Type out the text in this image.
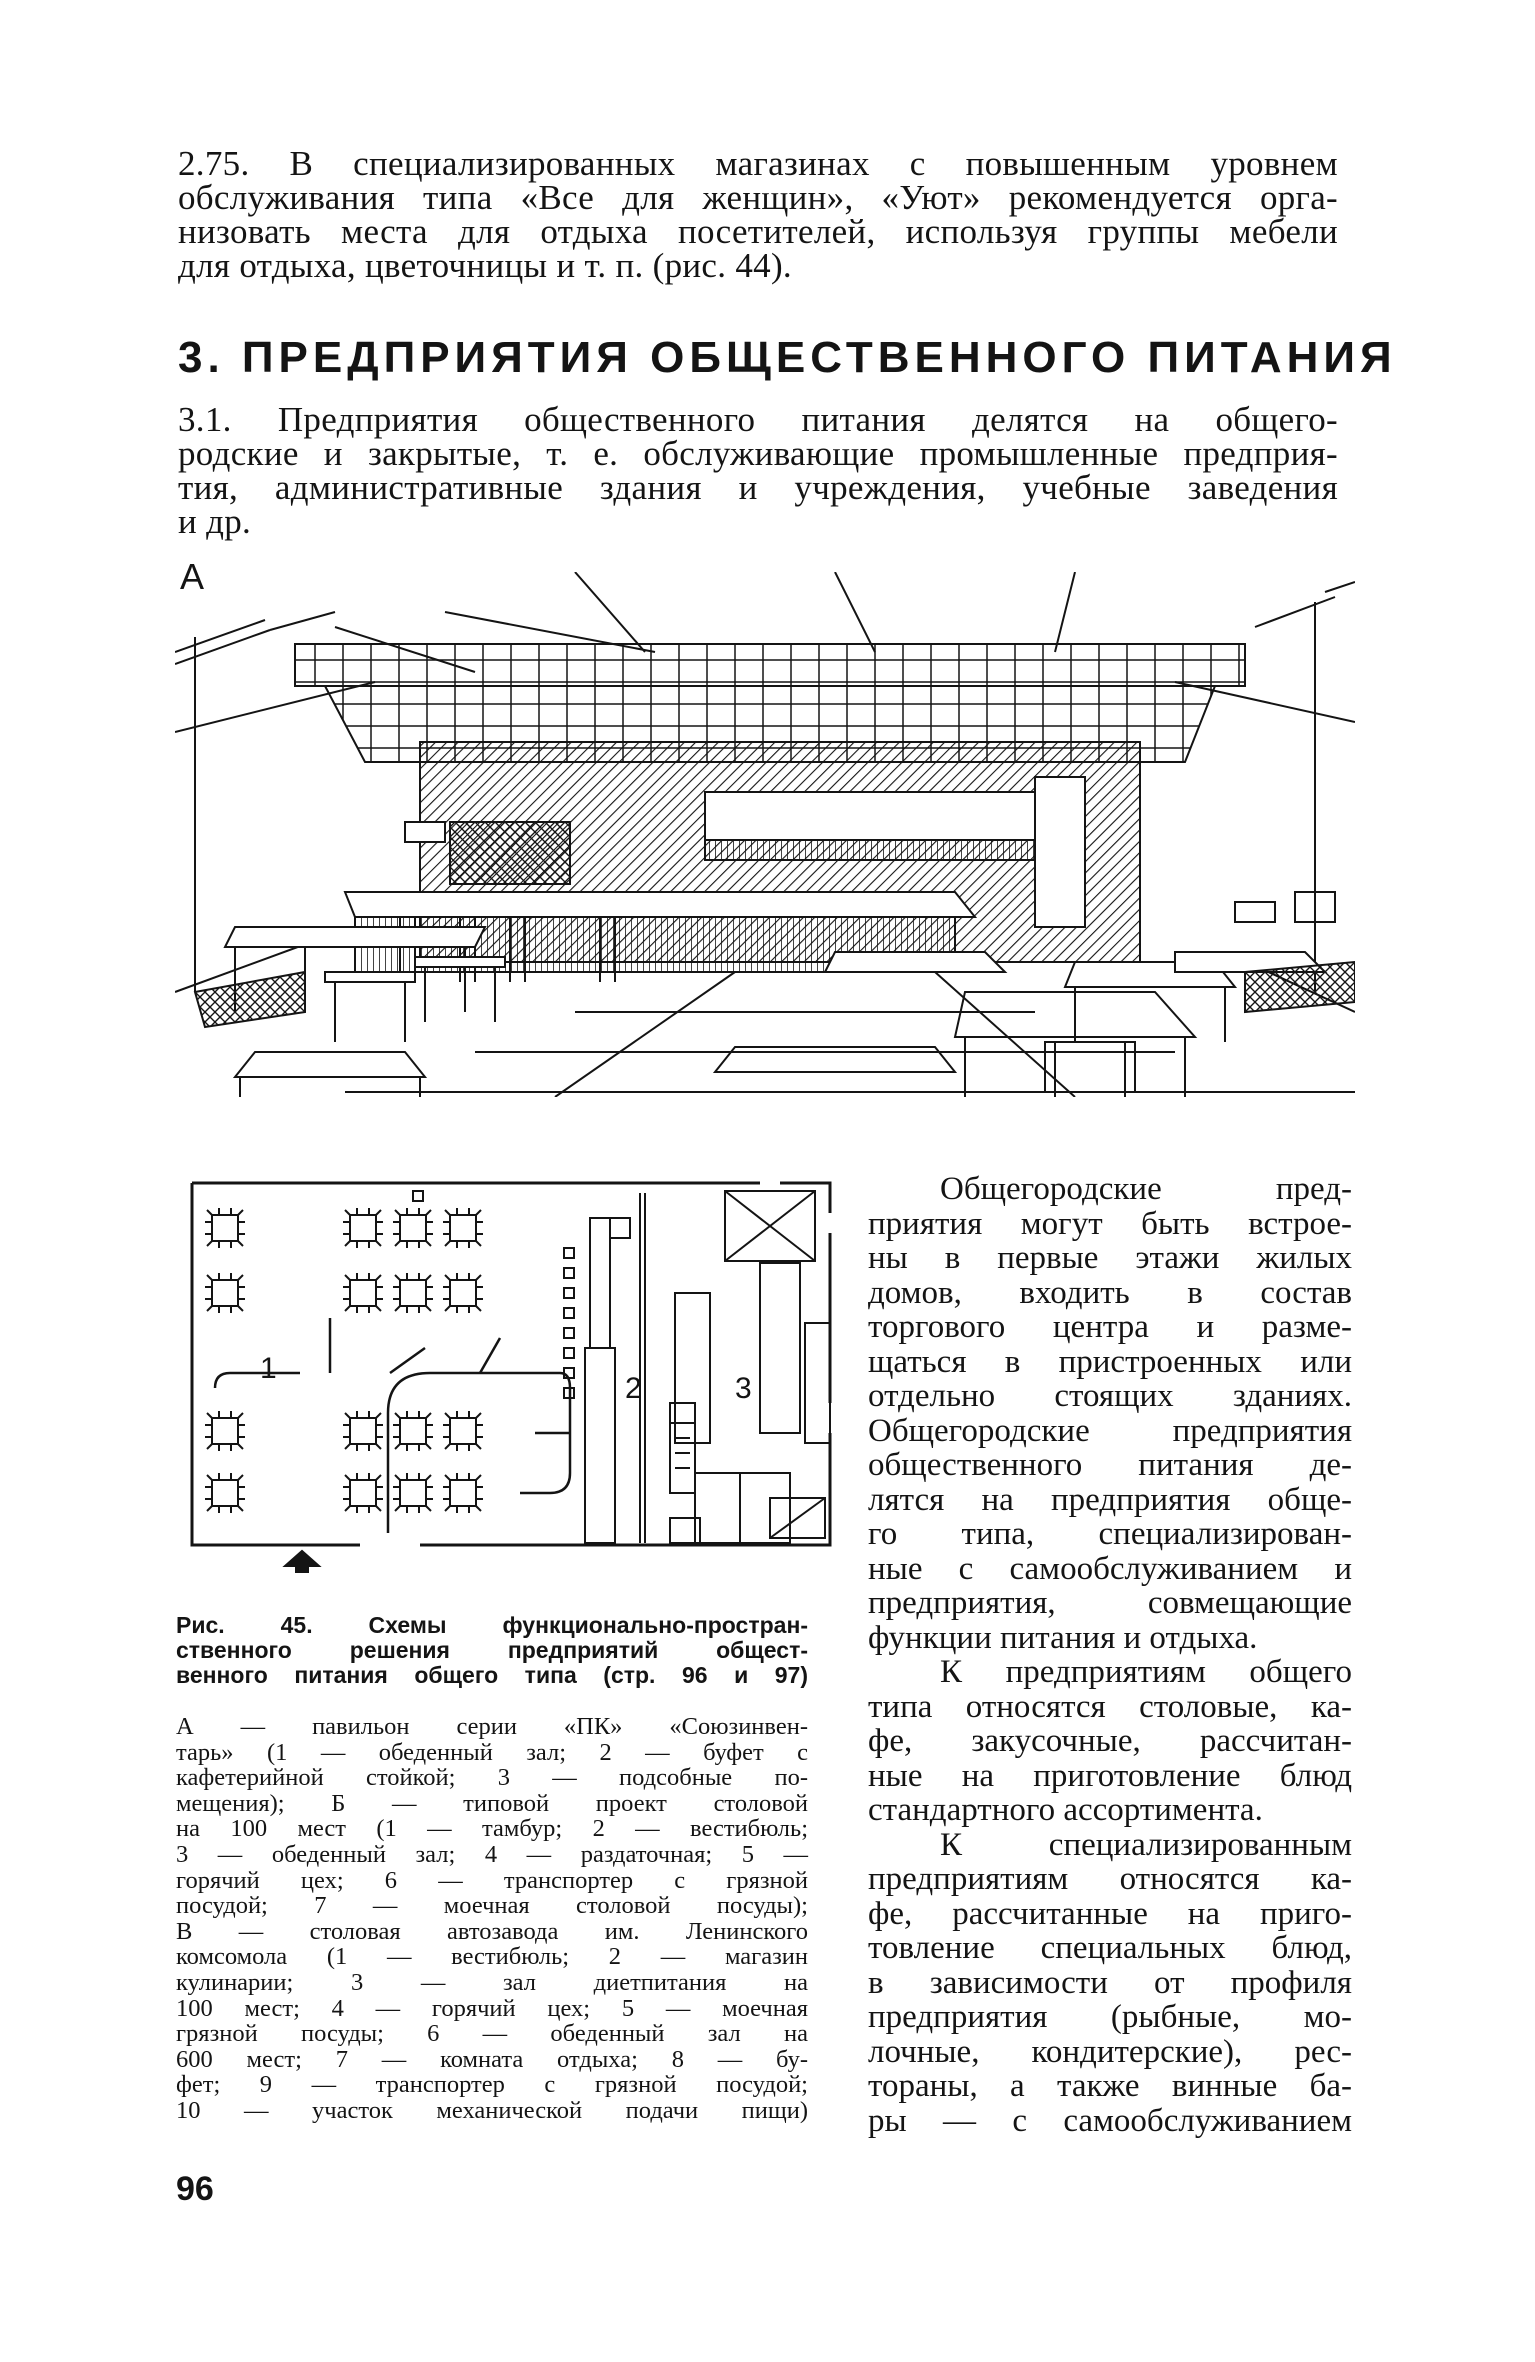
2.75. В специализированных магазинах с повышенным уровнем
обслуживания типа «Все для женщин», «Уют» рекомендуется орга-
низовать места для отдыха посетителей, используя группы мебели
для отдыха, цветочницы и т. п. (рис. 44).
3. ПРЕДПРИЯТИЯ ОБЩЕСТВЕННОГО ПИТАНИЯ
3.1. Предприятия общественного питания делятся на общего-
родские и закрытые, т. е. обслуживающие промышленные предприя-
тия, административные здания и учреждения, учебные заведения
и др.
А
1
2	3
Общегородские пред-
приятия могут быть встрое-
ны в первые этажи жилых
домов, входить в состав
торгового центра и разме-
щаться в пристроенных или
отдельно стоящих зданиях.
Общегородские предприятия
общественного питания де-
лятся на предприятия обще-
го типа, специализирован-
ные с самообслуживанием и
предприятия, совмещающие
функции питания и отдыха.
К предприятиям общего
типа относятся столовые, ка-
фе, закусочные, рассчитан-
ные на приготовление блюд
стандартного ассортимента.
К специализированным
предприятиям относятся ка-
фе, рассчитанные на приго-
товление специальных блюд,
в зависимости от профиля
предприятия (рыбные, мо-
лочные, кондитерские), рес-
тораны, а также винные ба-
ры — с самообслуживанием
Рис. 45. Схемы функционально-простран-
ственного решения предприятий общест-
венного питания общего типа (стр. 96 и 97)
А — павильон серии «ПК» «Союзинвен-
тарь» (1 — обеденный зал; 2 — буфет с
кафетерийной стойкой; 3 — подсобные по-
мещения); Б — типовой проект столовой
на 100 мест (1 — тамбур; 2 — вестибюль;
3 — обеденный зал; 4 — раздаточная; 5 —
горячий цех; 6 — транспортер с грязной
посудой; 7 — моечная столовой посуды);
В — столовая автозавода им. Ленинского
комсомола (1 — вестибюль; 2 — магазин
кулинарии; 3 — зал диетпитания на
100 мест; 4 — горячий цех; 5 — моечная
грязной посуды; 6 — обеденный зал на
600 мест; 7 — комната отдыха; 8 — бу-
фет; 9 — транспортер с грязной посудой;
10 — участок механической подачи пищи)
96
